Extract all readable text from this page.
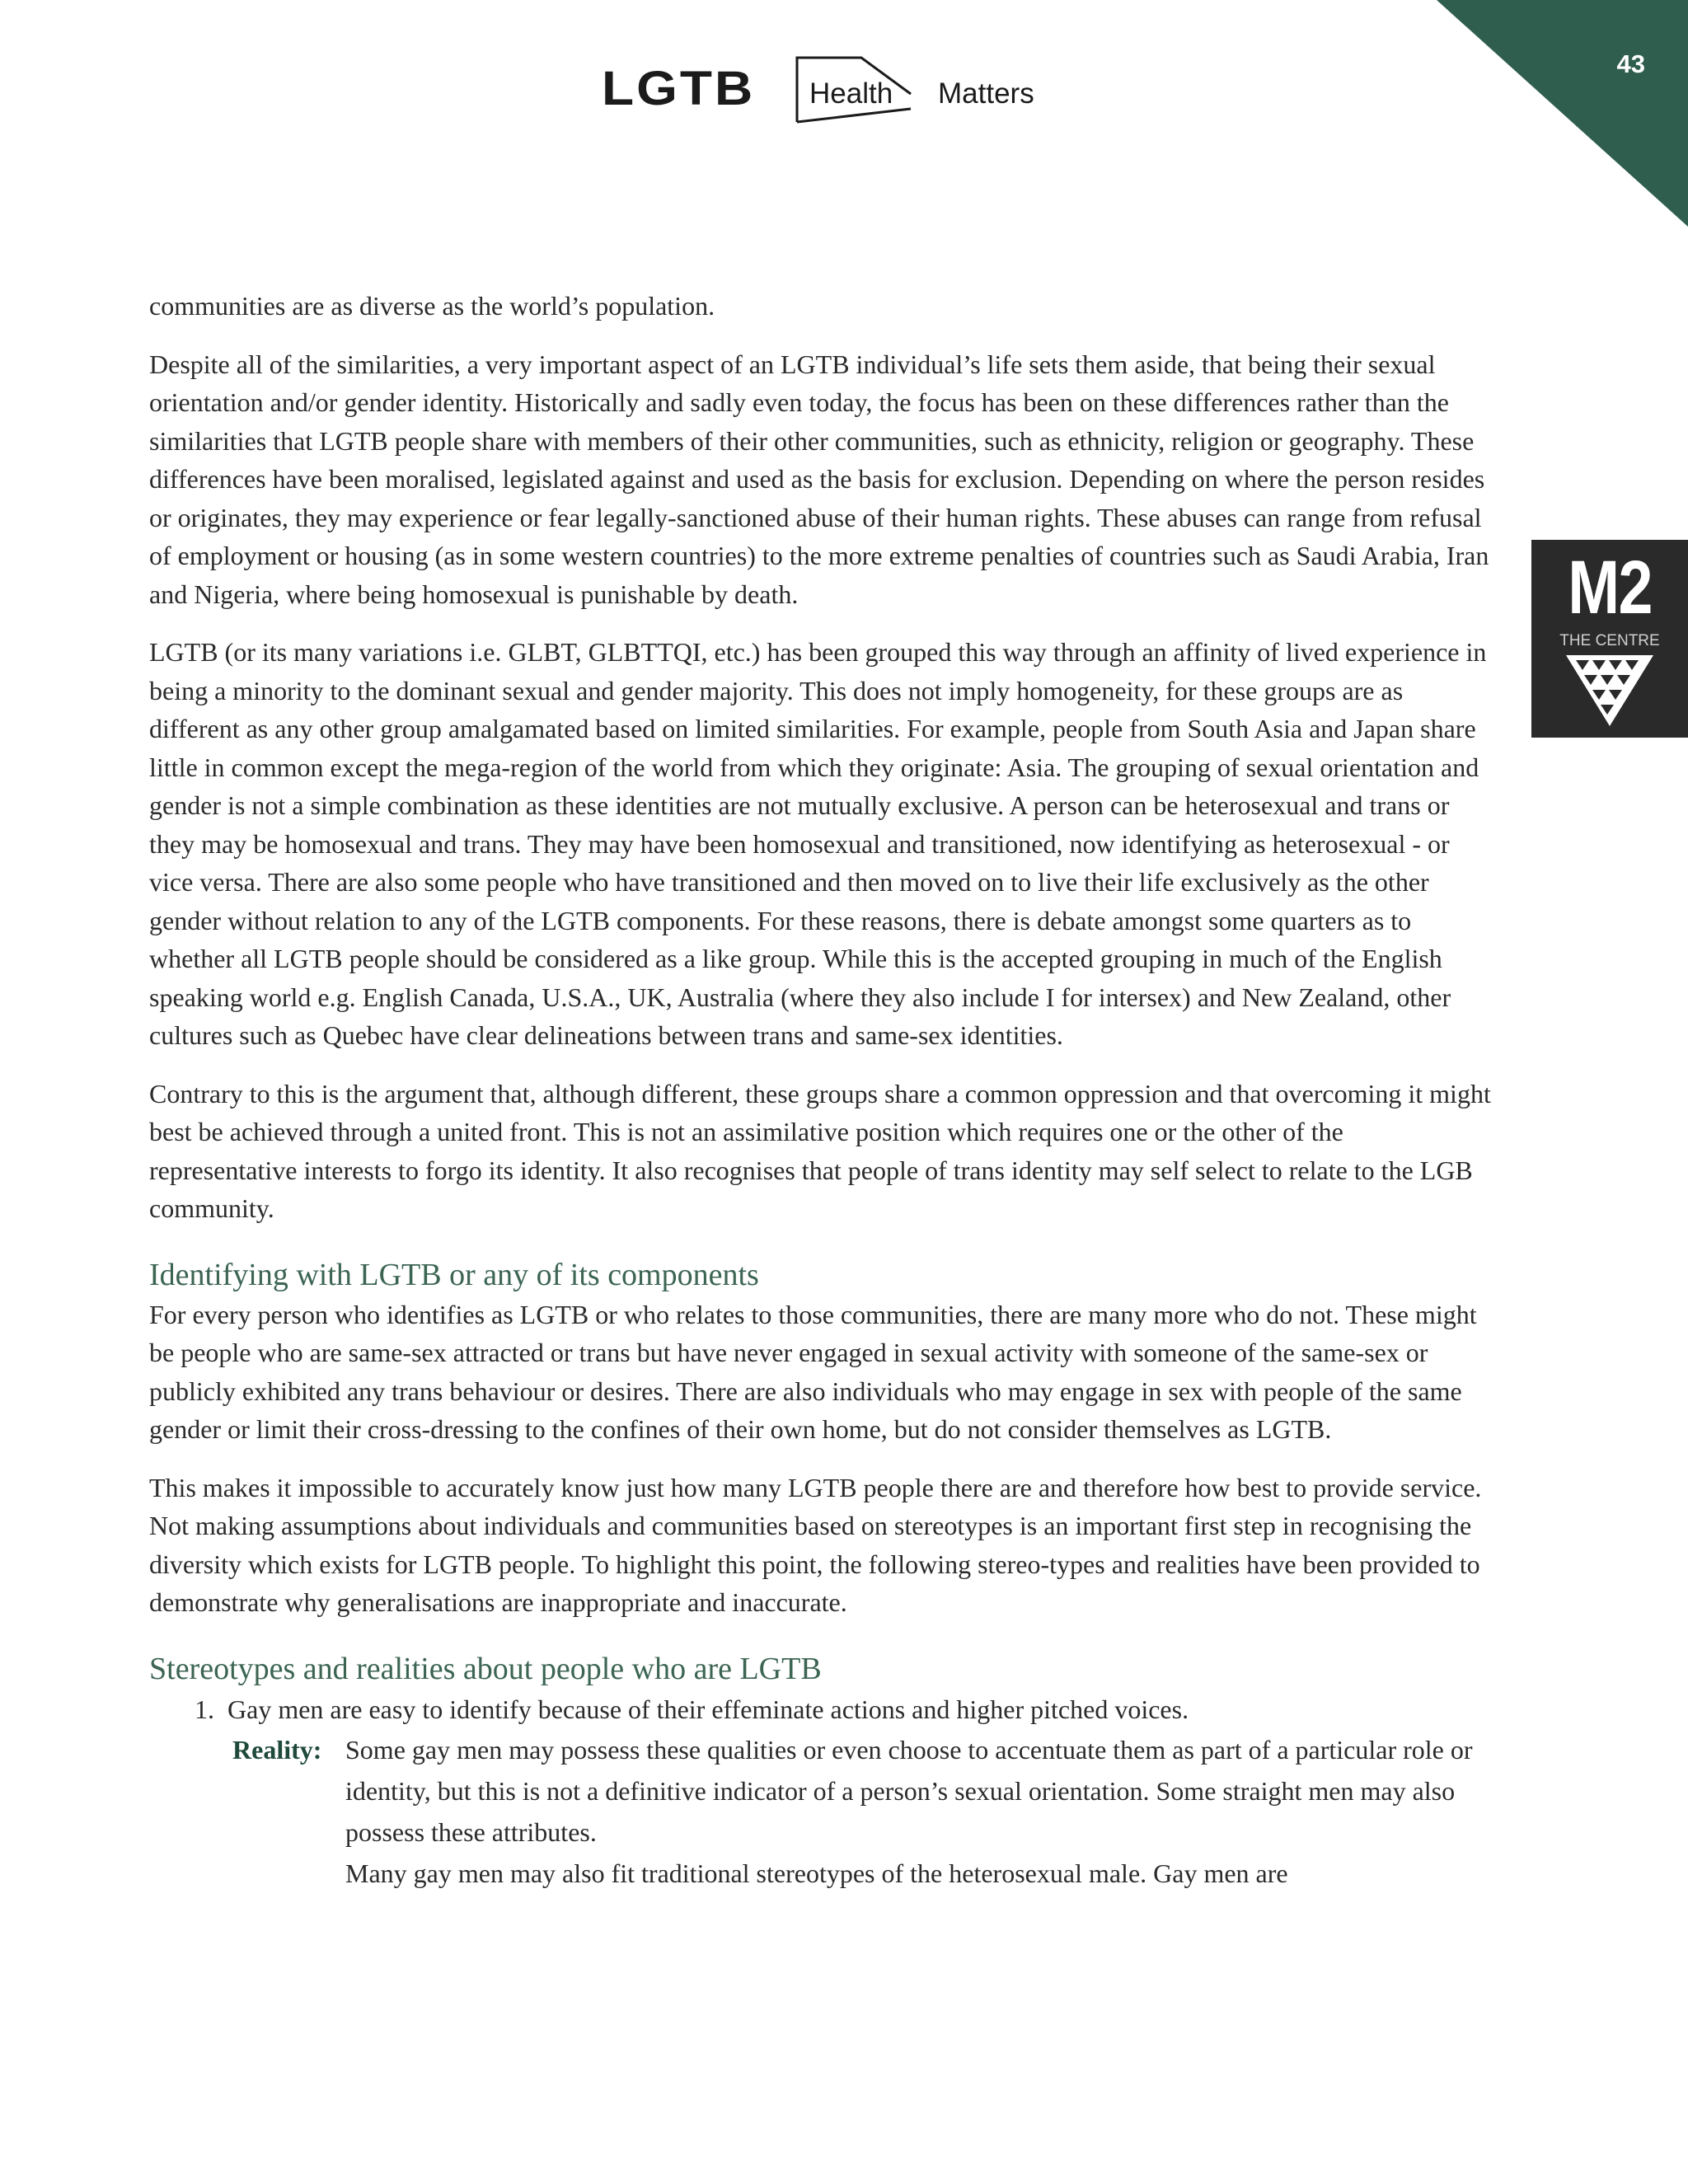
43
LGTB Health Matters
M2
THE CENTRE

communities are as diverse as the world’s population.

Despite all of the similarities, a very important aspect of an LGTB individual’s life sets them aside, that being their sexual orientation and/or gender identity. Historically and sadly even today, the focus has been on these differences rather than the similarities that LGTB people share with members of their other communities, such as ethnicity, religion or geography. These differences have been moralised, legislated against and used as the basis for exclusion. Depending on where the person resides or originates, they may experience or fear legally-sanctioned abuse of their human rights. These abuses can range from refusal of employment or housing (as in some western countries) to the more extreme penalties of countries such as Saudi Arabia, Iran and Nigeria, where being homosexual is punishable by death.

LGTB (or its many variations i.e. GLBT, GLBTTQI, etc.) has been grouped this way through an affinity of lived experience in being a minority to the dominant sexual and gender majority. This does not imply homogeneity, for these groups are as different as any other group amalgamated based on limited similarities. For example, people from South Asia and Japan share little in common except the mega-region of the world from which they originate: Asia. The grouping of sexual orientation and gender is not a simple combination as these identities are not mutually exclusive. A person can be heterosexual and trans or they may be homosexual and trans. They may have been homosexual and transitioned, now identifying as heterosexual - or vice versa. There are also some people who have transitioned and then moved on to live their life exclusively as the other gender without relation to any of the LGTB components. For these reasons, there is debate amongst some quarters as to whether all LGTB people should be considered as a like group. While this is the accepted grouping in much of the English speaking world e.g. English Canada, U.S.A., UK, Australia (where they also include I for intersex) and New Zealand, other cultures such as Quebec have clear delineations between trans and same-sex identities.

Contrary to this is the argument that, although different, these groups share a common oppression and that overcoming it might best be achieved through a united front. This is not an assimilative position which requires one or the other of the representative interests to forgo its identity. It also recognises that people of trans identity may self select to relate to the LGB community.

Identifying with LGTB or any of its components

For every person who identifies as LGTB or who relates to those communities, there are many more who do not. These might be people who are same-sex attracted or trans but have never engaged in sexual activity with someone of the same-sex or publicly exhibited any trans behaviour or desires. There are also individuals who may engage in sex with people of the same gender or limit their cross-dressing to the confines of their own home, but do not consider themselves as LGTB.

This makes it impossible to accurately know just how many LGTB people there are and therefore how best to provide service. Not making assumptions about individuals and communities based on stereotypes is an important first step in recognising the diversity which exists for LGTB people. To highlight this point, the following stereo-types and realities have been provided to demonstrate why generalisations are inappropriate and inaccurate.

Stereotypes and realities about people who are LGTB
1. Gay men are easy to identify because of their effeminate actions and higher pitched voices.
Reality: Some gay men may possess these qualities or even choose to accentuate them as part of a particular role or identity, but this is not a definitive indicator of a person’s sexual orientation. Some straight men may also possess these attributes.
Many gay men may also fit traditional stereotypes of the heterosexual male. Gay men are
